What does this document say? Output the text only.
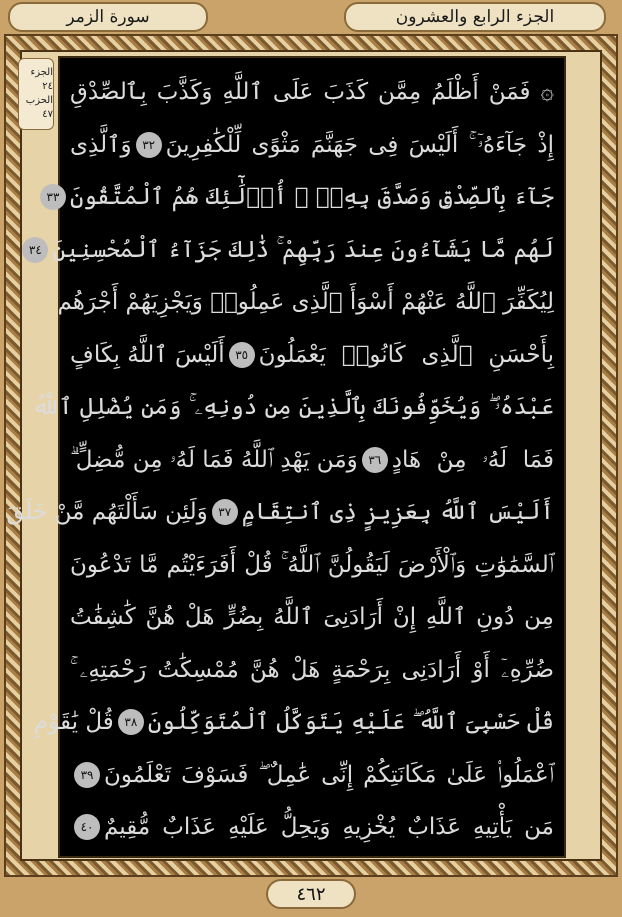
الجزء الرابع والعشرون
سورة الزمر
الجزء ٢٤
الحزب ٤٧
۞ فَمَنْ أَظْلَمُ مِمَّن كَذَبَ عَلَى ٱللَّهِ وَكَذَّبَ بِٱلصِّدْقِ
إِذْ جَآءَهُۥٓ ۚ أَلَيْسَ فِى جَهَنَّمَ مَثْوًى لِّلْكَٰفِرِينَ
٣٢
وَٱلَّذِى
جَآءَ بِٱلصِّدْقِ وَصَدَّقَ بِهِۦٓ ۙ أُو۟لَٰٓئِكَ هُمُ ٱلْمُتَّقُونَ
٣٣
لَهُم مَّا يَشَآءُونَ عِندَ رَبِّهِمْ ۚ ذَٰلِكَ جَزَآءُ ٱلْمُحْسِنِينَ
٣٤
لِيُكَفِّرَ ٱللَّهُ عَنْهُمْ أَسْوَأَ ٱلَّذِى عَمِلُوا۟ وَيَجْزِيَهُمْ أَجْرَهُم
بِأَحْسَنِ ٱلَّذِى كَانُوا۟ يَعْمَلُونَ
٣٥
أَلَيْسَ ٱللَّهُ بِكَافٍ
عَبْدَهُۥ ۖ وَيُخَوِّفُونَكَ بِٱلَّذِينَ مِن دُونِهِۦ ۚ وَمَن يُضْلِلِ ٱللَّهُ
فَمَا لَهُۥ مِنْ هَادٍ
٣٦
وَمَن يَهْدِ ٱللَّهُ فَمَا لَهُۥ مِن مُّضِلٍّ ۗ
أَلَيْسَ ٱللَّهُ بِعَزِيزٍ ذِى ٱنتِقَامٍ
٣٧
وَلَئِن سَأَلْتَهُم مَّنْ خَلَقَ
ٱلسَّمَٰوَٰتِ وَٱلْأَرْضَ لَيَقُولُنَّ ٱللَّهُ ۚ قُلْ أَفَرَءَيْتُم مَّا تَدْعُونَ
مِن دُونِ ٱللَّهِ إِنْ أَرَادَنِىَ ٱللَّهُ بِضُرٍّ هَلْ هُنَّ كَٰشِفَٰتُ
ضُرِّهِۦٓ أَوْ أَرَادَنِى بِرَحْمَةٍ هَلْ هُنَّ مُمْسِكَٰتُ رَحْمَتِهِۦ ۚ
قُلْ حَسْبِىَ ٱللَّهُ ۖ عَلَيْهِ يَتَوَكَّلُ ٱلْمُتَوَكِّلُونَ
٣٨
قُلْ يَٰقَوْمِ
ٱعْمَلُوا۟ عَلَىٰ مَكَانَتِكُمْ إِنِّى عَٰمِلٌ ۖ فَسَوْفَ تَعْلَمُونَ
٣٩
مَن يَأْتِيهِ عَذَابٌ يُخْزِيهِ وَيَحِلُّ عَلَيْهِ عَذَابٌ مُّقِيمٌ
٤٠
٤٦٢
